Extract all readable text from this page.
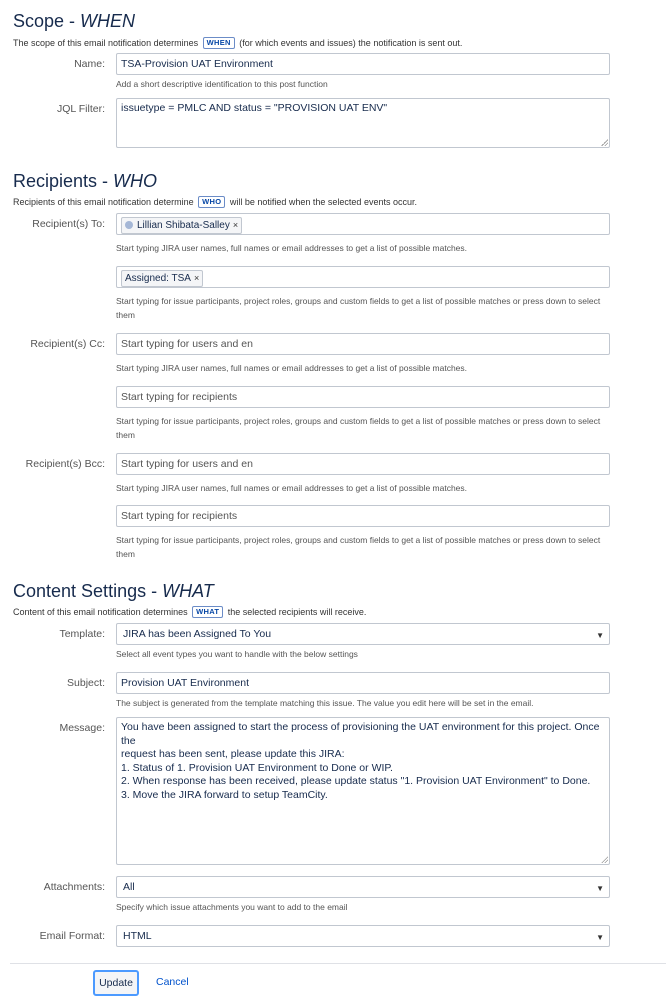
Scope - WHEN
The scope of this email notification determines WHEN (for which events and issues) the notification is sent out.
Name:	TSA-Provision UAT Environment
Add a short descriptive identification to this post function
JQL Filter:	issuetype = PMLC AND status = "PROVISION UAT ENV"
Recipients - WHO
Recipients of this email notification determine WHO will be notified when the selected events occur.
Recipient(s) To:	Lillian Shibata-Salley ×
Start typing JIRA user names, full names or email addresses to get a list of possible matches.
Assigned: TSA ×
Start typing for issue participants, project roles, groups and custom fields to get a list of possible matches or press down to select them
Recipient(s) Cc:	Start typing for users and en
Start typing JIRA user names, full names or email addresses to get a list of possible matches.
Start typing for recipients
Start typing for issue participants, project roles, groups and custom fields to get a list of possible matches or press down to select them
Recipient(s) Bcc:	Start typing for users and en
Start typing JIRA user names, full names or email addresses to get a list of possible matches.
Start typing for recipients
Start typing for issue participants, project roles, groups and custom fields to get a list of possible matches or press down to select them
Content Settings - WHAT
Content of this email notification determines WHAT the selected recipients will receive.
Template:	JIRA has been Assigned To You	▼
Select all event types you want to handle with the below settings
Subject:	Provision UAT Environment
The subject is generated from the template matching this issue. The value you edit here will be set in the email.
Message: You have been assigned to start the process of provisioning the UAT environment for this project. Once the
request has been sent, please update this JIRA:
1. Status of 1. Provision UAT Environment to Done or WIP.
2. When response has been received, please update status "1. Provision UAT Environment" to Done.
3. Move the JIRA forward to setup TeamCity.
Attachments:	All	▼
Specify which issue attachments you want to add to the email
Email Format:	HTML	▼
Update	Cancel
